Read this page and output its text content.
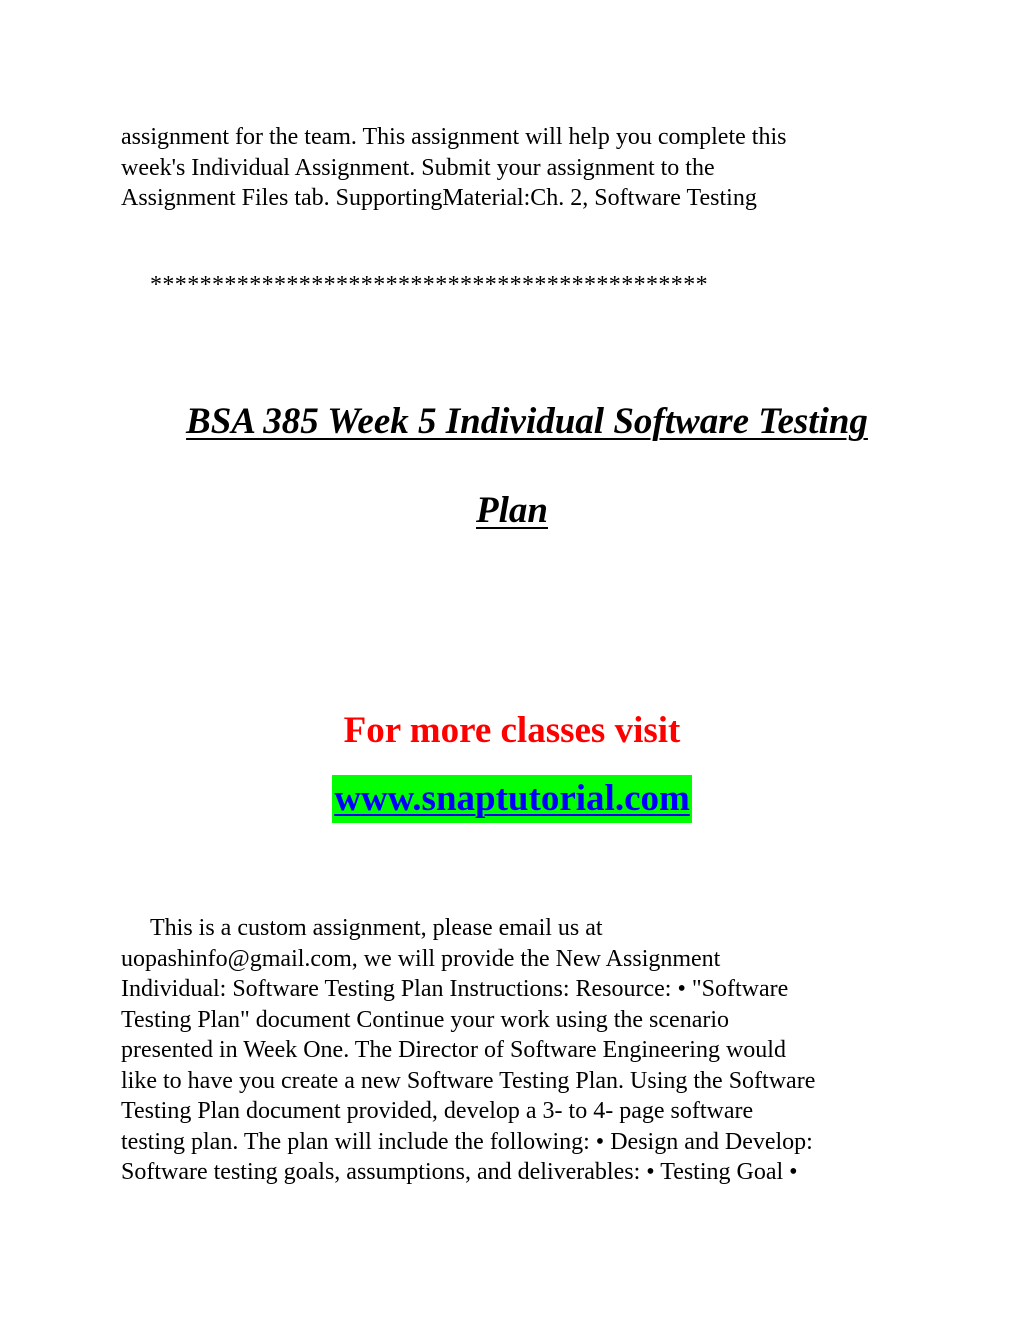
assignment for the team. This assignment will help you complete this
week's Individual Assignment. Submit your assignment to the
Assignment Files tab. SupportingMaterial:Ch. 2, Software Testing

*********************************************
BSA 385 Week 5 Individual Software Testing
Plan
For more classes visit
www.snaptutorial.com

This is a custom assignment, please email us at
uopashinfo@gmail.com, we will provide the New Assignment
Individual: Software Testing Plan Instructions: Resource: • "Software
Testing Plan" document Continue your work using the scenario
presented in Week One. The Director of Software Engineering would
like to have you create a new Software Testing Plan. Using the Software
Testing Plan document provided, develop a 3- to 4- page software
testing plan. The plan will include the following: • Design and Develop:
Software testing goals, assumptions, and deliverables: • Testing Goal •
